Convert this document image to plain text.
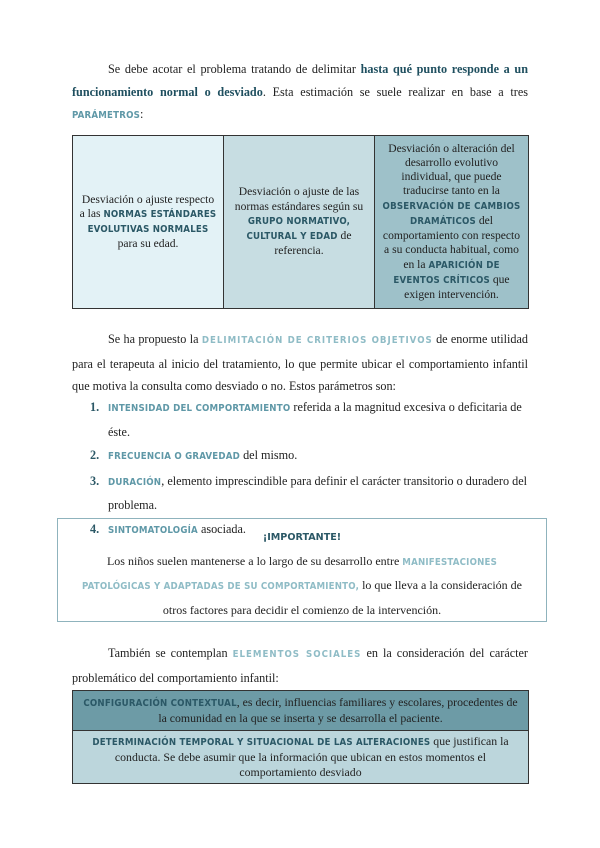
Se debe acotar el problema tratando de delimitar hasta qué punto responde a un funcionamiento normal o desviado. Esta estimación se suele realizar en base a tres PARÁMETROS:

Desviación o ajuste respecto a las NORMAS ESTÁNDARES EVOLUTIVAS NORMALES para su edad.	Desviación o ajuste de las normas estándares según su GRUPO NORMATIVO, CULTURAL Y EDAD de referencia.	Desviación o alteración del desarrollo evolutivo individual, que puede traducirse tanto en la OBSERVACIÓN DE CAMBIOS DRAMÁTICOS del comportamiento con respecto a su conducta habitual, como en la APARICIÓN DE EVENTOS CRÍTICOS que exigen intervención.

Se ha propuesto la DELIMITACIÓN DE CRITERIOS OBJETIVOS de enorme utilidad para el terapeuta al inicio del tratamiento, lo que permite ubicar el comportamiento infantil que motiva la consulta como desviado o no. Estos parámetros son:

1. INTENSIDAD DEL COMPORTAMIENTO referida a la magnitud excesiva o deficitaria de éste.
2. FRECUENCIA O GRAVEDAD del mismo.
3. DURACIÓN, elemento imprescindible para definir el carácter transitorio o duradero del problema.
4. SINTOMATOLOGÍA asociada.
¡IMPORTANTE!
Los niños suelen mantenerse a lo largo de su desarrollo entre MANIFESTACIONES PATOLÓGICAS Y ADAPTADAS DE SU COMPORTAMIENTO, lo que lleva a la consideración de otros factores para decidir el comienzo de la intervención.

También se contemplan ELEMENTOS SOCIALES en la consideración del carácter problemático del comportamiento infantil:

CONFIGURACIÓN CONTEXTUAL, es decir, influencias familiares y escolares, procedentes de la comunidad en la que se inserta y se desarrolla el paciente.
DETERMINACIÓN TEMPORAL Y SITUACIONAL DE LAS ALTERACIONES que justifican la conducta. Se debe asumir que la información que ubican en estos momentos el comportamiento desviado
